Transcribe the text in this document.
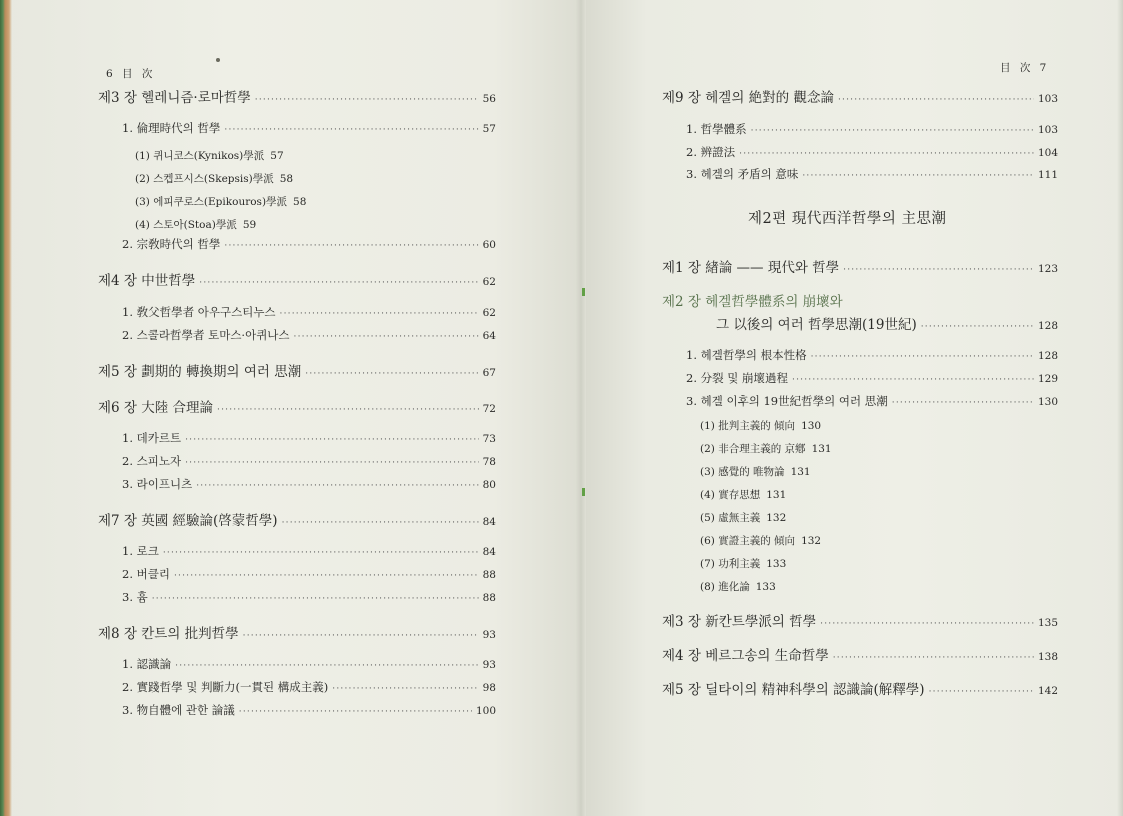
6 目 次
제3 장 헬레니즘·로마哲學 ·····	56
1. 倫理時代의 哲學 ·····	57
(1) 퀴니코스(Kynikos)學派 57
(2) 스켑프시스(Skepsis)學派 58
(3) 에피쿠로스(Epikouros)學派 58
(4) 스토아(Stoa)學派 59
2. 宗敎時代의 哲學 ·····	60
제4 장 中世哲學 ·····	62
1. 敎父哲學者 아우구스티누스 ·····	62
2. 스콜라哲學者 토마스·아퀴나스 ·····	64
제5 장 劃期的 轉換期의 여러 思潮 ·····	67
제6 장 大陸 合理論 ·····	72
1. 데카르트 ·····	73
2. 스피노자 ·····	78
3. 라이프니츠 ·····	80
제7 장 英國 經驗論(啓蒙哲學) ·····	84
1. 로크 ·····	84
2. 버클리 ·····	88
3. 흄 ·····	88
제8 장 칸트의 批判哲學 ·····	93
1. 認識論 ·····	93
2. 實踐哲學 및 判斷力(一貫된 構成主義) ·····	98
3. 物自體에 관한 論議 ·····	100
目 次 7
제9 장 헤겔의 絶對的 觀念論 ·····	103
1. 哲學體系 ·····	103
2. 辨證法 ·····	104
3. 헤겔의 矛盾의 意味 ·····	111
제2편 現代西洋哲學의 主思潮
제1 장 緖論 —— 現代와 哲學 ·····	123
제2 장 헤겔哲學體系의 崩壞와
그 以後의 여러 哲學思潮(19世紀) ·····	128
1. 헤겔哲學의 根本性格 ·····	128
2. 分裂 및 崩壞過程 ·····	129
3. 헤겔 이후의 19世紀哲學의 여러 思潮 ·····	130
(1) 批判主義的 傾向 130
(2) 非合理主義的 京鄕 131
(3) 感覺的 唯物論 131
(4) 實存思想 131
(5) 虛無主義 132
(6) 實證主義的 傾向 132
(7) 功利主義 133
(8) 進化論 133
제3 장 新칸트學派의 哲學 ·····	135
제4 장 베르그송의 生命哲學 ·····	138
제5 장 딜타이의 精神科學의 認識論(解釋學) ·····	142
